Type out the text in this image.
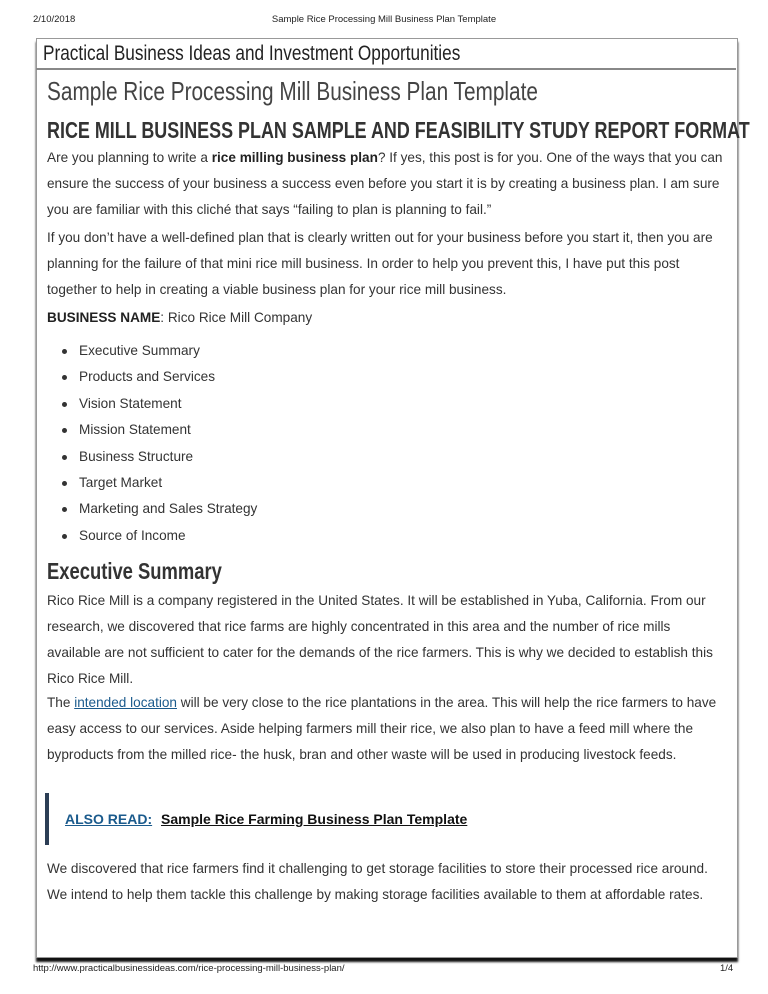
2/10/2018	Sample Rice Processing Mill Business Plan Template
Practical Business Ideas and Investment Opportunities
Sample Rice Processing Mill Business Plan Template
RICE MILL BUSINESS PLAN SAMPLE AND FEASIBILITY STUDY REPORT FORMAT
Are you planning to write a rice milling business plan? If yes, this post is for you. One of the ways that you can ensure the success of your business a success even before you start it is by creating a business plan. I am sure you are familiar with this cliché that says “failing to plan is planning to fail.”
If you don’t have a well-defined plan that is clearly written out for your business before you start it, then you are planning for the failure of that mini rice mill business. In order to help you prevent this, I have put this post together to help in creating a viable business plan for your rice mill business.
BUSINESS NAME: Rico Rice Mill Company
Executive Summary
Products and Services
Vision Statement
Mission Statement
Business Structure
Target Market
Marketing and Sales Strategy
Source of Income
Executive Summary
Rico Rice Mill is a company registered in the United States. It will be established in Yuba, California. From our research, we discovered that rice farms are highly concentrated in this area and the number of rice mills available are not sufficient to cater for the demands of the rice farmers. This is why we decided to establish this Rico Rice Mill.
The intended location will be very close to the rice plantations in the area. This will help the rice farmers to have easy access to our services. Aside helping farmers mill their rice, we also plan to have a feed mill where the byproducts from the milled rice- the husk, bran and other waste will be used in producing livestock feeds.
ALSO READ: Sample Rice Farming Business Plan Template
We discovered that rice farmers find it challenging to get storage facilities to store their processed rice around. We intend to help them tackle this challenge by making storage facilities available to them at affordable rates.
http://www.practicalbusinessideas.com/rice-processing-mill-business-plan/	1/4
